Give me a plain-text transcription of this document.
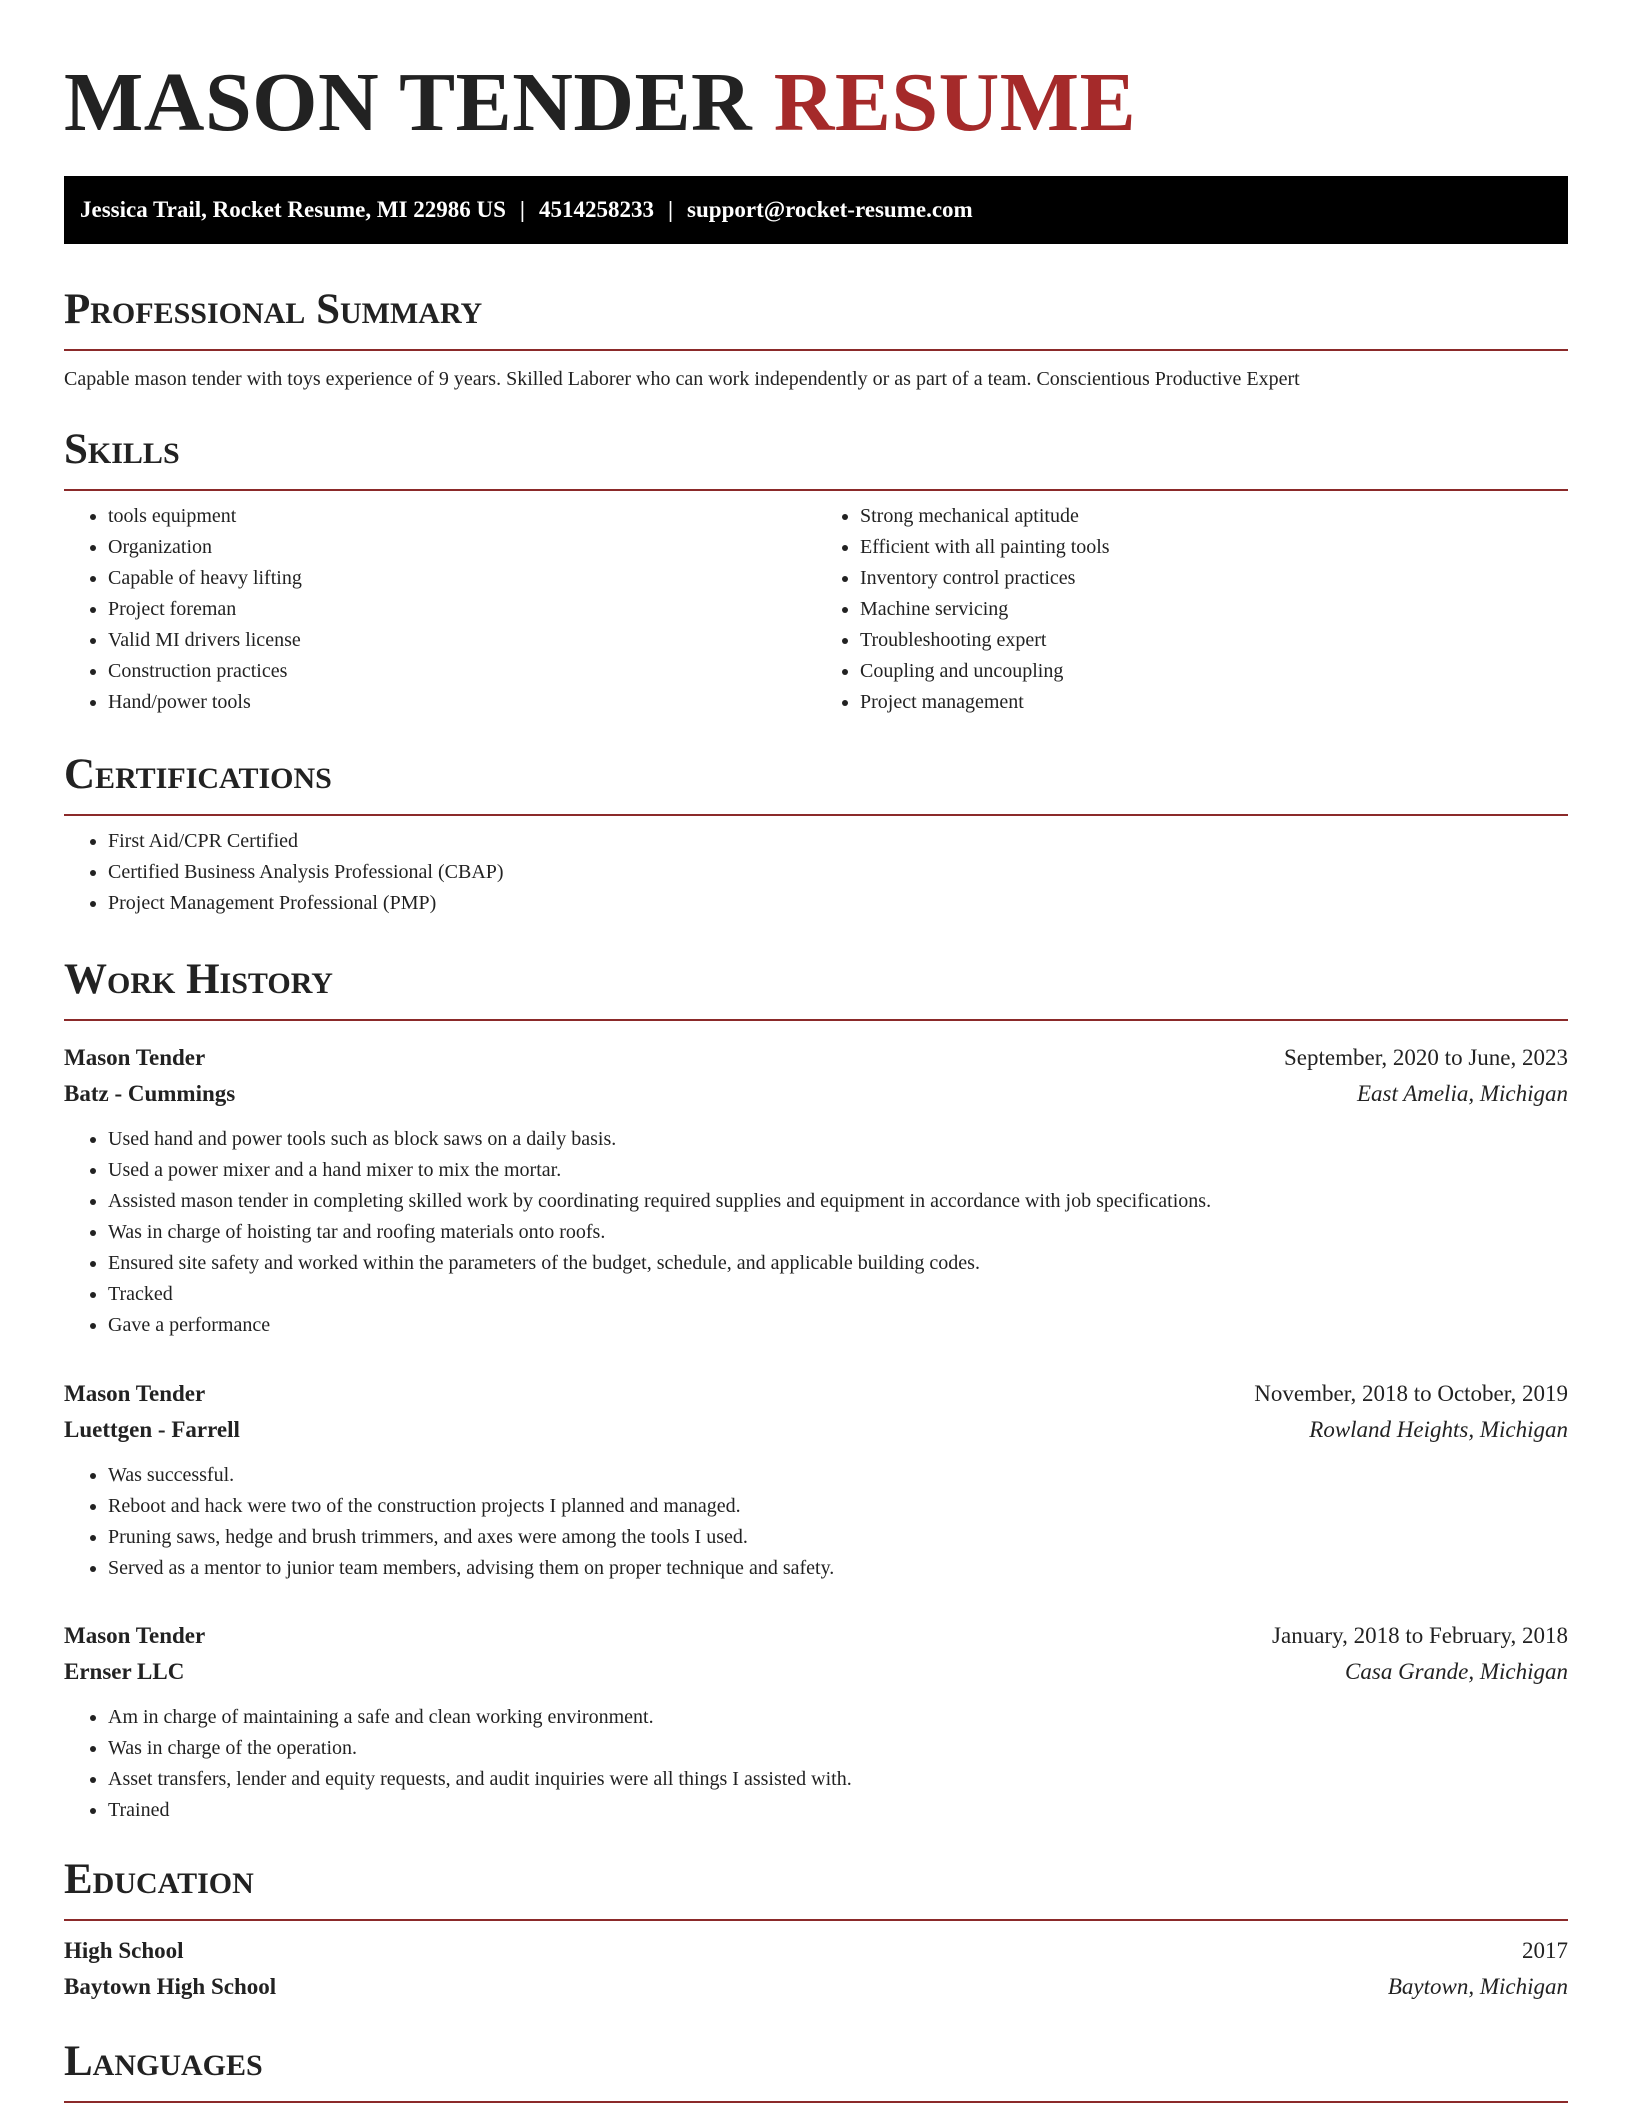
MASON TENDER RESUME
Jessica Trail, Rocket Resume, MI 22986 US | 4514258233 | support@rocket-resume.com
Professional Summary

Capable mason tender with toys experience of 9 years. Skilled Laborer who can work independently or as part of a team. Conscientious Productive Expert

Skills
• tools equipment
• Organization
• Capable of heavy lifting
• Project foreman
• Valid MI drivers license
• Construction practices
• Hand/power tools
• Strong mechanical aptitude
• Efficient with all painting tools
• Inventory control practices
• Machine servicing
• Troubleshooting expert
• Coupling and uncoupling
• Project management
Certifications
• First Aid/CPR Certified
• Certified Business Analysis Professional (CBAP)
• Project Management Professional (PMP)
Work History
Mason Tender	September, 2020 to June, 2023
Batz - Cummings	East Amelia, Michigan
• Used hand and power tools such as block saws on a daily basis.
• Used a power mixer and a hand mixer to mix the mortar.
• Assisted mason tender in completing skilled work by coordinating required supplies and equipment in accordance with job specifications.
• Was in charge of hoisting tar and roofing materials onto roofs.
• Ensured site safety and worked within the parameters of the budget, schedule, and applicable building codes.
• Tracked
• Gave a performance
Mason Tender	November, 2018 to October, 2019
Luettgen - Farrell	Rowland Heights, Michigan
• Was successful.
• Reboot and hack were two of the construction projects I planned and managed.
• Pruning saws, hedge and brush trimmers, and axes were among the tools I used.
• Served as a mentor to junior team members, advising them on proper technique and safety.
Mason Tender	January, 2018 to February, 2018
Ernser LLC	Casa Grande, Michigan
• Am in charge of maintaining a safe and clean working environment.
• Was in charge of the operation.
• Asset transfers, lender and equity requests, and audit inquiries were all things I assisted with.
• Trained
Education
High School	2017
Baytown High School	Baytown, Michigan
Languages
